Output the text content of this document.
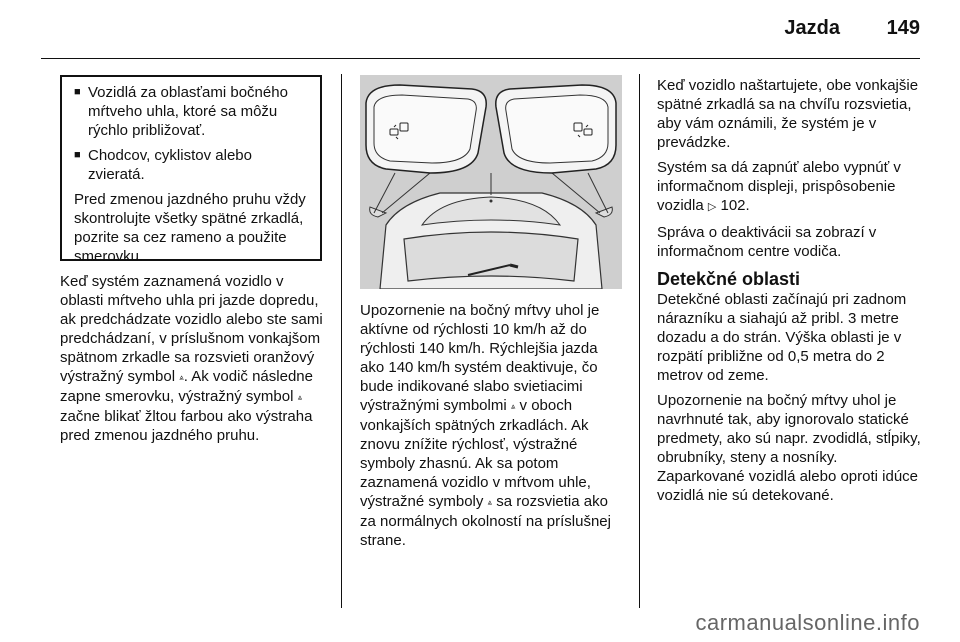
Jazda 149
■ Vozidlá za oblasťami bočného mŕtveho uhla, ktoré sa môžu rýchlo približovať.
■ Chodcov, cyklistov alebo zvieratá.

Pred zmenou jazdného pruhu vždy skontrolujte všetky spätné zrkadlá, pozrite sa cez rameno a použite smerovku.

Keď systém zaznamená vozidlo v oblasti mŕtveho uhla pri jazde dopredu, ak predchádzate vozidlo alebo ste sami predchádzaní, v príslušnom vonkajšom spätnom zrkadle sa rozsvieti oranžový výstražný symbol ⩓. Ak vodič následne zapne smerovku, výstražný symbol ⩓ začne blikať žltou farbou ako výstraha pred zmenou jazdného pruhu.

Upozornenie na bočný mŕtvy uhol je aktívne od rýchlosti 10 km/h až do rýchlosti 140 km/h. Rýchlejšia jazda ako 140 km/h systém deaktivuje, čo bude indikované slabo svietiacimi výstražnými symbolmi ⩓ v oboch vonkajších spätných zrkadlách. Ak znovu znížite rýchlosť, výstražné symboly zhasnú. Ak sa potom zaznamená vozidlo v mŕtvom uhle, výstražné symboly ⩓ sa rozsvietia ako za normálnych okolností na príslušnej strane.

Keď vozidlo naštartujete, obe vonkajšie spätné zrkadlá sa na chvíľu rozsvietia, aby vám oznámili, že systém je v prevádzke.

Systém sa dá zapnúť alebo vypnúť v informačnom displeji, prispôsobenie vozidla ▷ 102.

Správa o deaktivácii sa zobrazí v informačnom centre vodiča.

Detekčné oblasti

Detekčné oblasti začínajú pri zadnom nárazníku a siahajú až pribl. 3 metre dozadu a do strán. Výška oblasti je v rozpätí približne od 0,5 metra do 2 metrov od zeme.

Upozornenie na bočný mŕtvy uhol je navrhnuté tak, aby ignorovalo statické predmety, ako sú napr. zvodidlá, stĺpiky, obrubníky, steny a nosníky. Zaparkované vozidlá alebo oproti idúce vozidlá nie sú detekované.

carmanualsonline.info
